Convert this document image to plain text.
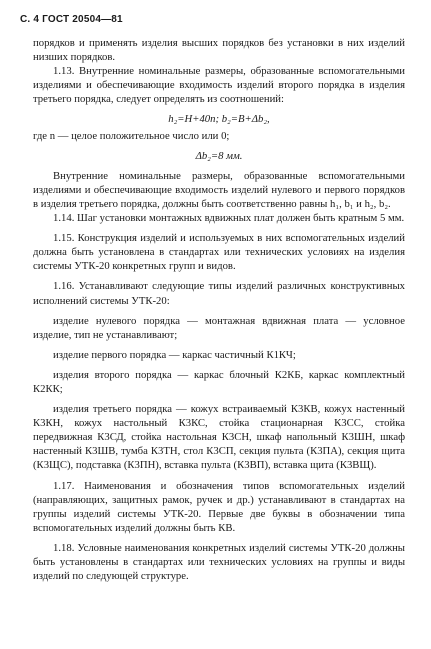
С. 4 ГОСТ 20504—81

порядков и применять изделия высших порядков без установки в них изделий низших порядков.

1.13. Внутренние номинальные размеры, образованные вспомогательными изделиями и обеспечивающие входимость изделий второго порядка в изделия третьего порядка, следует определять из соотношений:

h₂=H+40n; b₂=B+Δb₂,

где n — целое положительное число или 0;

Δb₂=8 мм.

Внутренние номинальные размеры, образованные вспомогательными изделиями и обеспечивающие входимость изделий нулевого и первого порядков в изделия третьего порядка, должны быть соответственно равны h₁, b₁ и h₂, b₂.

1.14. Шаг установки монтажных вдвижных плат должен быть кратным 5 мм.

1.15. Конструкция изделий и используемых в них вспомогательных изделий должна быть установлена в стандартах или технических условиях на изделия системы УТК-20 конкретных групп и видов.

1.16. Устанавливают следующие типы изделий различных конструктивных исполнений системы УТК-20:

изделие нулевого порядка — монтажная вдвижная плата — условное изделие, тип не устанавливают;

изделие первого порядка — каркас частичный К1КЧ;

изделия второго порядка — каркас блочный К2КБ, каркас комплектный К2КК;

изделия третьего порядка — кожух встраиваемый К3КВ, кожух настенный К3КН, кожух настольный К3КС, стойка стационарная К3СС, стойка передвижная К3СД, стойка настольная К3СН, шкаф напольный К3ШН, шкаф настенный К3ШВ, тумба К3ТН, стол К3СП, секция пульта (К3ПА), секция щита (К3ЩС), подставка (К3ПН), вставка пульта (К3ВП), вставка щита (К3ВЩ).

1.17. Наименования и обозначения типов вспомогательных изделий (направляющих, защитных рамок, ручек и др.) устанавливают в стандартах на группы изделий системы УТК-20. Первые две буквы в обозначении типа вспомогательных изделий должны быть КВ.

1.18. Условные наименования конкретных изделий системы УТК-20 должны быть установлены в стандартах или технических условиях на группы и виды изделий по следующей структуре.
